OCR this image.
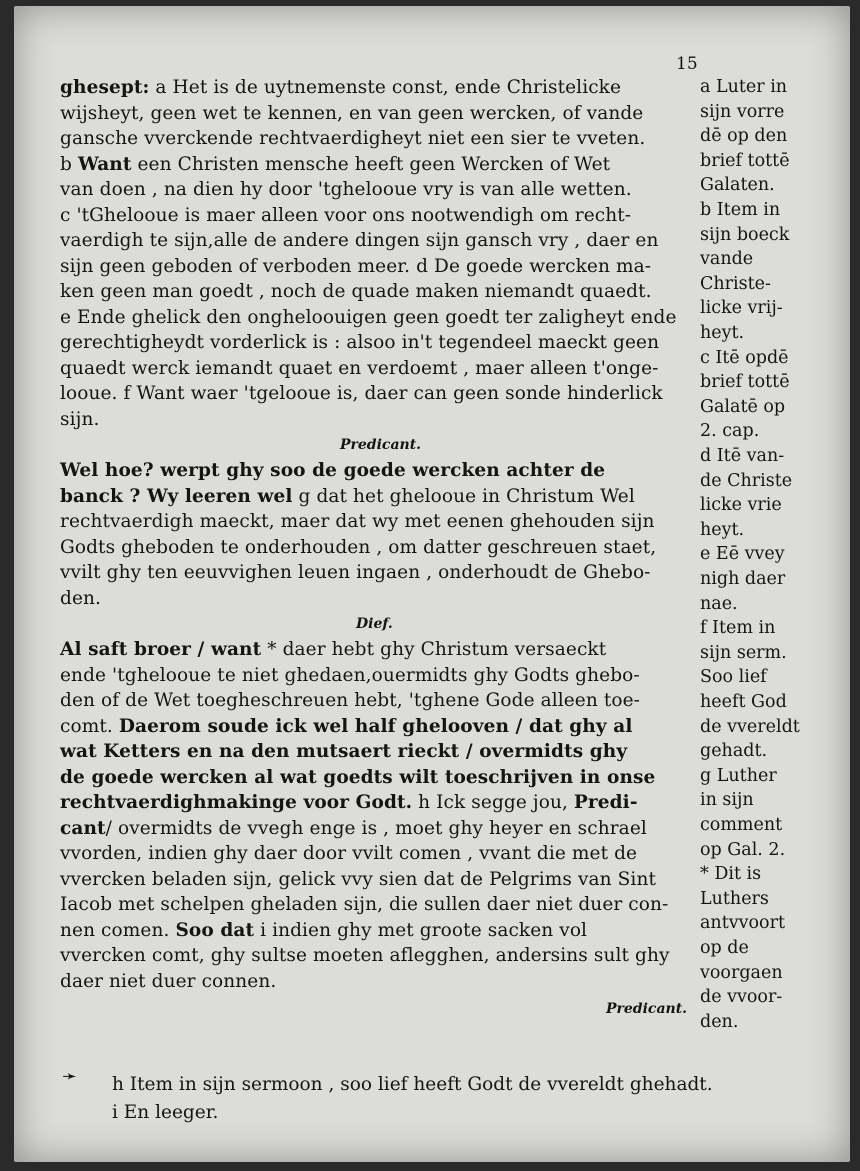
15
ghesept: a Het is de uytnemenste const, ende Christelicke
wijsheyt, geen wet te kennen, en van geen wercken, of vande
gansche vverckende rechtvaerdigheyt niet een sier te vveten.
b Want een Christen mensche heeft geen Wercken of Wet
van doen , na dien hy door 'tghelooue vry is van alle wetten.
c 'tGhelooue is maer alleen voor ons nootwendigh om recht-
vaerdigh te sijn,alle de andere dingen sijn gansch vry , daer en
sijn geen geboden of verboden meer. d De goede wercken ma-
ken geen man goedt , noch de quade maken niemandt quaedt.
e Ende ghelick den ongheloouigen geen goedt ter zaligheyt ende
gerechtigheydt vorderlick is : alsoo in't tegendeel maeckt geen
quaedt werck iemandt quaet en verdoemt , maer alleen t'onge-
looue. f Want waer 'tgelooue is, daer can geen sonde hinderlick
sijn.
Predicant.
Wel hoe? werpt ghy soo de goede wercken achter de
banck ? Wy leeren wel g dat het ghelooue in Christum Wel
rechtvaerdigh maeckt, maer dat wy met eenen ghehouden sijn
Godts gheboden te onderhouden , om datter geschreuen staet,
vvilt ghy ten eeuvvighen leuen ingaen , onderhoudt de Ghebo-
den.
Dief.
Al saft broer / want * daer hebt ghy Christum versaeckt
ende 'tghelooue te niet ghedaen,ouermidts ghy Godts ghebo-
den of de Wet toegheschreuen hebt, 'tghene Gode alleen toe-
comt. Daerom soude ick wel half ghelooven / dat ghy al
wat Ketters en na den mutsaert rieckt / overmidts ghy
de goede wercken al wat goedts wilt toeschrijven in onse
rechtvaerdighmakinge voor Godt. h Ick segge jou, Predi-
cant/ overmidts de vvegh enge is , moet ghy heyer en schrael
vvorden, indien ghy daer door vvilt comen , vvant die met de
vvercken beladen sijn, gelick vvy sien dat de Pelgrims van Sint
Iacob met schelpen gheladen sijn, die sullen daer niet duer con-
nen comen. Soo dat i indien ghy met groote sacken vol
vvercken comt, ghy sultse moeten aflegghen, andersins sult ghy
daer niet duer connen.
Predicant.
a Luter in
sijn vorre
dē op den
brief tottē
Galaten.
b Item in
sijn boeck
vande
Christe-
licke vrij-
heyt.
c Itē opdē
brief tottē
Galatē op
2. cap.
d Itē van-
de Christe
licke vrie
heyt.
e Eē vvey
nigh daer
nae.
f Item in
sijn serm.
Soo lief
heeft God
de vvereldt
gehadt.
g Luther
in sijn
comment
op Gal. 2.
* Dit is
Luthers
antvvoort
op de
voorgaen
de vvoor-
den.
➛ h Item in sijn sermoon , soo lief heeft Godt de vvereldt ghehadt.
i En leeger.
